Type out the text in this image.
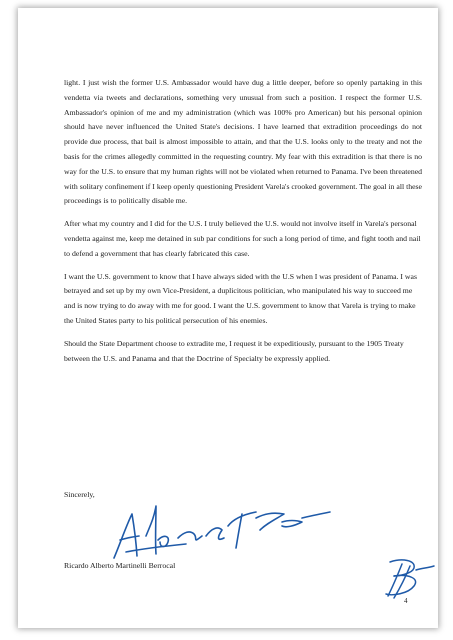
light. I just wish the former U.S. Ambassador would have dug a little deeper, before so openly partaking in this vendetta via tweets and declarations, something very unusual from such a position. I respect the former U.S. Ambassador's opinion of me and my administration (which was 100% pro American) but his personal opinion should have never influenced the United State's decisions. I have learned that extradition proceedings do not provide due process, that bail is almost impossible to attain, and that the U.S. looks only to the treaty and not the basis for the crimes allegedly committed in the requesting country. My fear with this extradition is that there is no way for the U.S. to ensure that my human rights will not be violated when returned to Panama. I've been threatened with solitary confinement if I keep openly questioning President Varela's crooked government. The goal in all these proceedings is to politically disable me.

After what my country and I did for the U.S. I truly believed the U.S. would not involve itself in Varela's personal vendetta against me, keep me detained in sub par conditions for such a long period of time, and fight tooth and nail to defend a government that has clearly fabricated this case.

I want the U.S. government to know that I have always sided with the U.S when I was president of Panama. I was betrayed and set up by my own Vice-President, a duplicitous politician, who manipulated his way to succeed me and is now trying to do away with me for good. I want the U.S. government to know that Varela is trying to make the United States party to his political persecution of his enemies.

Should the State Department choose to extradite me, I request it be expeditiously, pursuant to the 1905 Treaty between the U.S. and Panama and that the Doctrine of Specialty be expressly applied.

Sincerely,
Ricardo Alberto Martinelli Berrocal
4
